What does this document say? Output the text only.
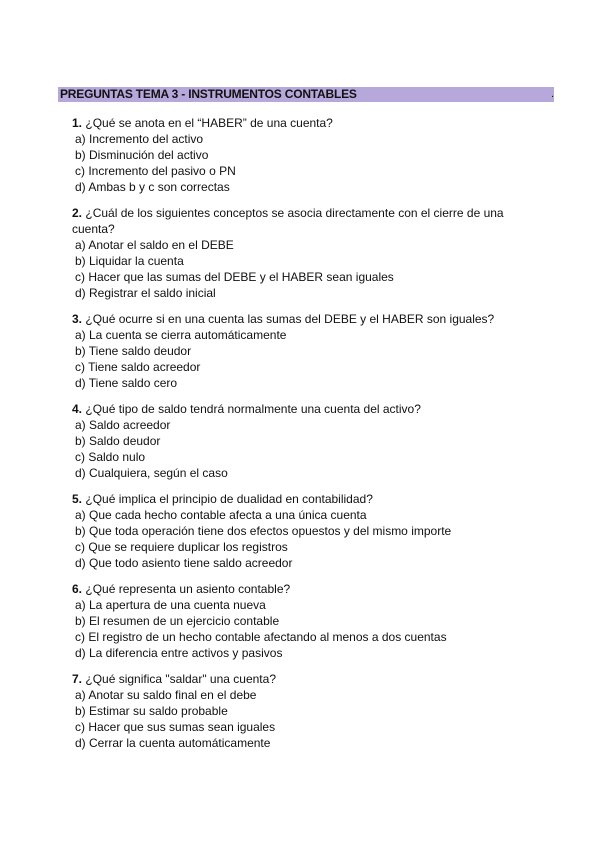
PREGUNTAS TEMA 3 - INSTRUMENTOS CONTABLES	.

1. ¿Qué se anota en el “HABER” de una cuenta?

a) Incremento del activo
b) Disminución del activo
c) Incremento del pasivo o PN
d) Ambas b y c son correctas

2. ¿Cuál de los siguientes conceptos se asocia directamente con el cierre de una cuenta?

a) Anotar el saldo en el DEBE
b) Liquidar la cuenta
c) Hacer que las sumas del DEBE y el HABER sean iguales
d) Registrar el saldo inicial

3. ¿Qué ocurre si en una cuenta las sumas del DEBE y el HABER son iguales?

a) La cuenta se cierra automáticamente
b) Tiene saldo deudor
c) Tiene saldo acreedor
d) Tiene saldo cero

4. ¿Qué tipo de saldo tendrá normalmente una cuenta del activo?

a) Saldo acreedor
b) Saldo deudor
c) Saldo nulo
d) Cualquiera, según el caso

5. ¿Qué implica el principio de dualidad en contabilidad?

a) Que cada hecho contable afecta a una única cuenta
b) Que toda operación tiene dos efectos opuestos y del mismo importe
c) Que se requiere duplicar los registros
d) Que todo asiento tiene saldo acreedor

6. ¿Qué representa un asiento contable?

a) La apertura de una cuenta nueva
b) El resumen de un ejercicio contable
c) El registro de un hecho contable afectando al menos a dos cuentas
d) La diferencia entre activos y pasivos

7. ¿Qué significa "saldar" una cuenta?

a) Anotar su saldo final en el debe
b) Estimar su saldo probable
c) Hacer que sus sumas sean iguales
d) Cerrar la cuenta automáticamente
